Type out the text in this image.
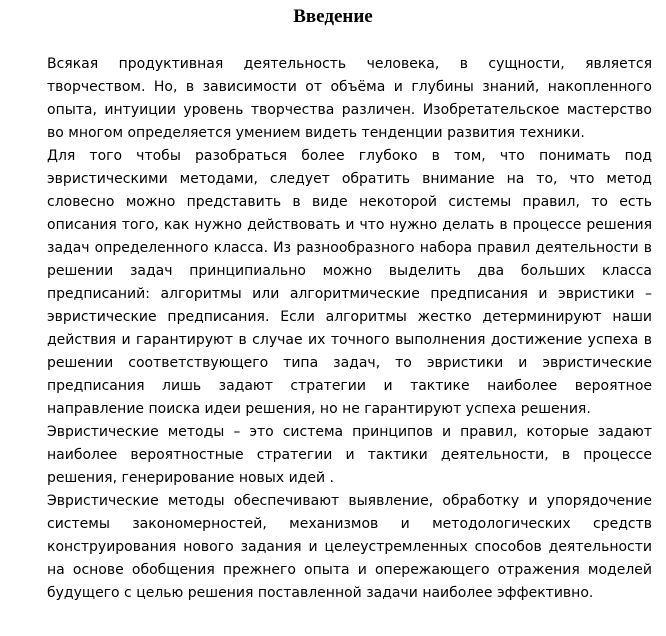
Введение

Всякая продуктивная деятельность человека, в сущности, является творчеством. Но, в зависимости от объёма и глубины знаний, накопленного опыта, интуиции уровень творчества различен. Изобретательское мастерство во многом определяется умением видеть тенденции развития техники.

Для того чтобы разобраться более глубоко в том, что понимать под эвристическими методами, следует обратить внимание на то, что метод словесно можно представить в виде некоторой системы правил, то есть описания того, как нужно действовать и что нужно делать в процессе решения задач определенного класса. Из разнообразного набора правил деятельности в решении задач принципиально можно выделить два больших класса предписаний: алгоритмы или алгоритмические предписания и эвристики – эвристические предписания. Если алгоритмы жестко детерминируют наши действия и гарантируют в случае их точного выполнения достижение успеха в решении соответствующего типа задач, то эвристики и эвристические предписания лишь задают стратегии и тактике наиболее вероятное направление поиска идеи решения, но не гарантируют успеха решения.

Эвристические методы – это система принципов и правил, которые задают наиболее вероятностные стратегии и тактики деятельности, в процессе решения, генерирование новых идей .

Эвристические методы обеспечивают выявление, обработку и упорядочение системы закономерностей, механизмов и методологических средств конструирования нового задания и целеустремленных способов деятельности на основе обобщения прежнего опыта и опережающего отражения моделей будущего с целью решения поставленной задачи наиболее эффективно.
